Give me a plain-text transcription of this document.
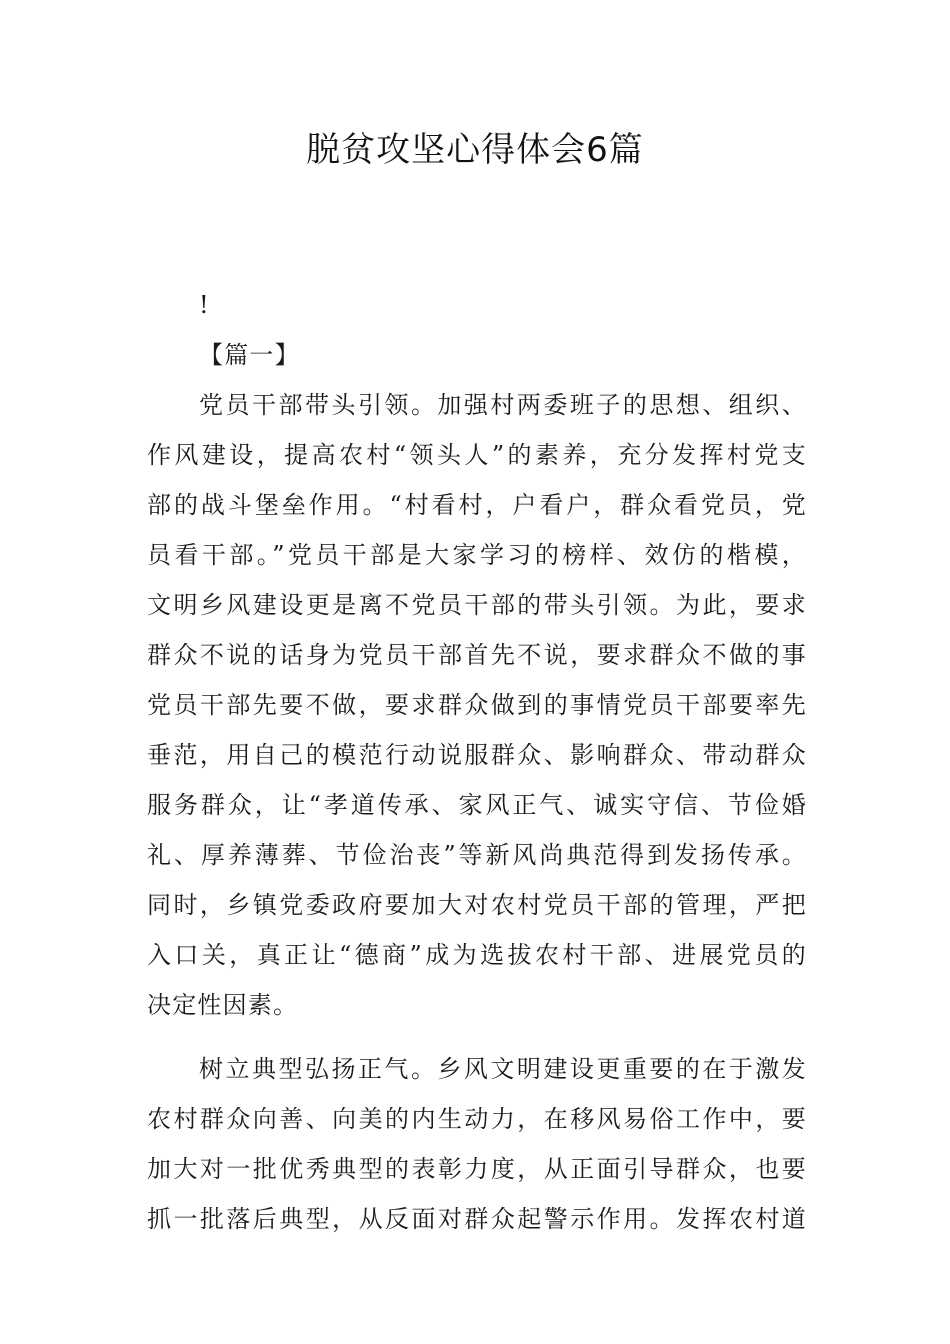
脱贫攻坚心得体会6篇
!
【篇一】
党员干部带头引领。加强村两委班子的思想、组织、
作风建设，提高农村“领头人”的素养，充分发挥村党支
部的战斗堡垒作用。“村看村，户看户，群众看党员，党
员看干部。”党员干部是大家学习的榜样、效仿的楷模，
文明乡风建设更是离不党员干部的带头引领。为此，要求
群众不说的话身为党员干部首先不说，要求群众不做的事
党员干部先要不做，要求群众做到的事情党员干部要率先
垂范，用自己的模范行动说服群众、影响群众、带动群众
服务群众，让“孝道传承、家风正气、诚实守信、节俭婚
礼、厚养薄葬、节俭治丧”等新风尚典范得到发扬传承。
同时，乡镇党委政府要加大对农村党员干部的管理，严把
入口关，真正让“德商”成为选拔农村干部、进展党员的
决定性因素。
树立典型弘扬正气。乡风文明建设更重要的在于激发
农村群众向善、向美的内生动力，在移风易俗工作中，要
加大对一批优秀典型的表彰力度，从正面引导群众，也要
抓一批落后典型，从反面对群众起警示作用。发挥农村道
